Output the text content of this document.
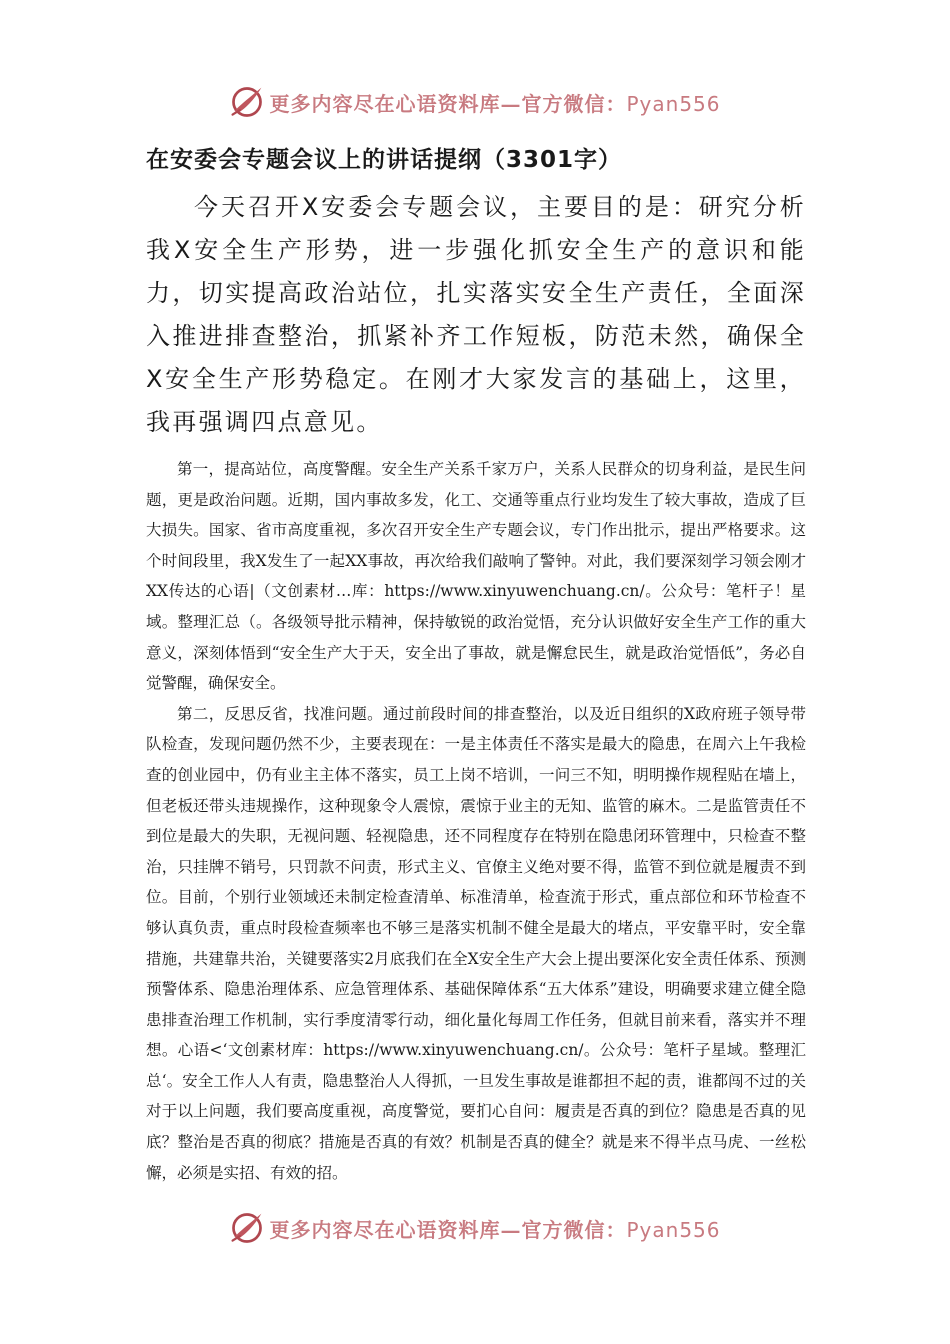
更多内容尽在心语资料库—官方微信：Pyan556
在安委会专题会议上的讲话提纲（3301字）

今天召开X安委会专题会议，主要目的是：研究分析我X安全生产形势，进一步强化抓安全生产的意识和能力，切实提高政治站位，扎实落实安全生产责任，全面深入推进排查整治，抓紧补齐工作短板，防范未然，确保全X安全生产形势稳定。在刚才大家发言的基础上，这里，我再强调四点意见。

第一，提高站位，高度警醒。安全生产关系千家万户，关系人民群众的切身利益，是民生问题，更是政治问题。近期，国内事故多发，化工、交通等重点行业均发生了较大事故，造成了巨大损失。国家、省市高度重视，多次召开安全生产专题会议，专门作出批示，提出严格要求。这个时间段里，我X发生了一起XX事故，再次给我们敲响了警钟。对此，我们要深刻学习领会刚才XX传达的心语|（文创素材…库：https://www.xinyuwenchuang.cn/。公众号：笔杆子！星域。整理汇总（。各级领导批示精神，保持敏锐的政治觉悟，充分认识做好安全生产工作的重大意义，深刻体悟到“安全生产大于天，安全出了事故，就是懈怠民生，就是政治觉悟低”，务必自觉警醒，确保安全。

第二，反思反省，找准问题。通过前段时间的排查整治，以及近日组织的X政府班子领导带队检查，发现问题仍然不少，主要表现在：一是主体责任不落实是最大的隐患，在周六上午我检查的创业园中，仍有业主主体不落实，员工上岗不培训，一问三不知，明明操作规程贴在墙上，但老板还带头违规操作，这种现象令人震惊，震惊于业主的无知、监管的麻木。二是监管责任不到位是最大的失职，无视问题、轻视隐患，还不同程度存在特别在隐患闭环管理中，只检查不整治，只挂牌不销号，只罚款不问责，形式主义、官僚主义绝对要不得，监管不到位就是履责不到位。目前，个别行业领域还未制定检查清单、标准清单，检查流于形式，重点部位和环节检查不够认真负责，重点时段检查频率也不够三是落实机制不健全是最大的堵点，平安靠平时，安全靠措施，共建靠共治，关键要落实2月底我们在全X安全生产大会上提出要深化安全责任体系、预测预警体系、隐患治理体系、应急管理体系、基础保障体系“五大体系”建设，明确要求建立健全隐患排查治理工作机制，实行季度清零行动，细化量化每周工作任务，但就目前来看，落实并不理想。心语<‘文创素材库：https://www.xinyuwenchuang.cn/。公众号：笔杆子星域。整理汇总‘。安全工作人人有责，隐患整治人人得抓，一旦发生事故是谁都担不起的责，谁都闯不过的关对于以上问题，我们要高度重视，高度警觉，要扪心自问：履责是否真的到位？隐患是否真的见底？整治是否真的彻底？措施是否真的有效？机制是否真的健全？就是来不得半点马虎、一丝松懈，必须是实招、有效的招。

更多内容尽在心语资料库—官方微信：Pyan556
